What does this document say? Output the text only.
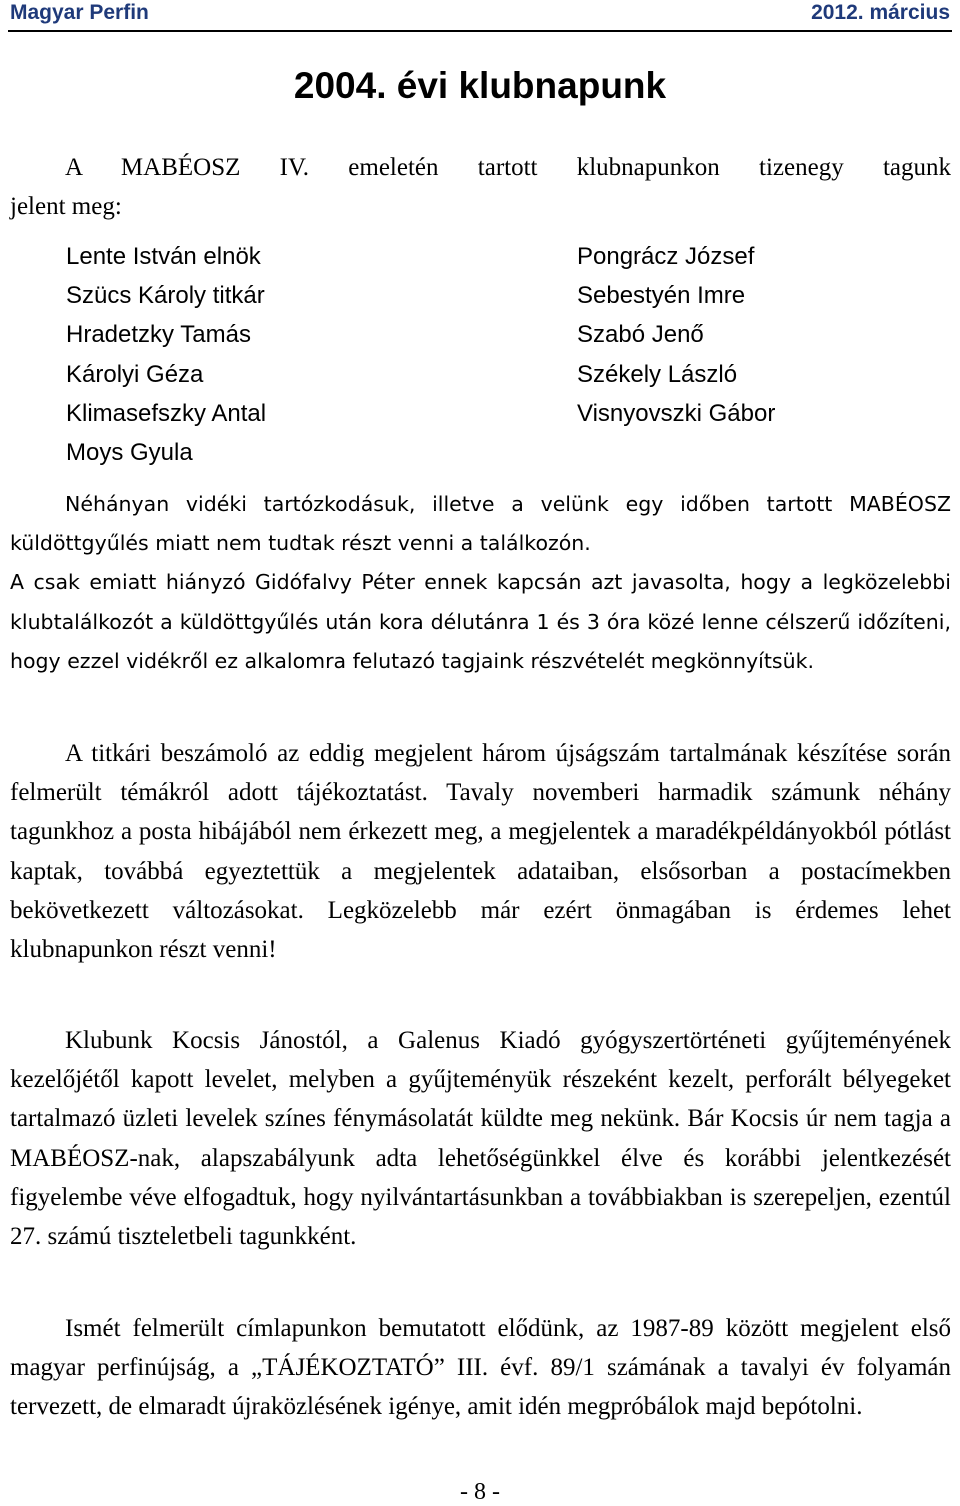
Magyar Perfin	2012. március
2004. évi klubnapunk

A MABÉOSZ IV. emeletén tartott klubnapunkon tizenegy tagunk
jelent meg:

Lente István elnök
Szücs Károly titkár
Hradetzky Tamás
Károlyi Géza
Klimasefszky Antal
Moys Gyula
Pongrácz József
Sebestyén Imre
Szabó Jenő
Székely László
Visnyovszki Gábor

Néhányan vidéki tartózkodásuk, illetve a velünk egy időben tartott MABÉOSZ küldöttgyűlés miatt nem tudtak részt venni a találkozón.

A csak emiatt hiányzó Gidófalvy Péter ennek kapcsán azt javasolta, hogy a legközelebbi klubtalálkozót a küldöttgyűlés után kora délutánra 1 és 3 óra közé lenne célszerű időzíteni, hogy ezzel vidékről ez alkalomra felutazó tagjaink részvételét megkönnyítsük.

A titkári beszámoló az eddig megjelent három újságszám tartalmának készítése során felmerült témákról adott tájékoztatást. Tavaly novemberi harmadik számunk néhány tagunkhoz a posta hibájából nem érkezett meg, a megjelentek a maradékpéldányokból pótlást kaptak, továbbá egyeztettük a megjelentek adataiban, elsősorban a postacímekben bekövetkezett változásokat. Legközelebb már ezért önmagában is érdemes lehet klubnapunkon részt venni!

Klubunk Kocsis Jánostól, a Galenus Kiadó gyógyszertörténeti gyűjteményének kezelőjétől kapott levelet, melyben a gyűjteményük részeként kezelt, perforált bélyegeket tartalmazó üzleti levelek színes fénymásolatát küldte meg nekünk. Bár Kocsis úr nem tagja a MABÉOSZ-nak, alapszabályunk adta lehetőségünkkel élve és korábbi jelentkezését figyelembe véve elfogadtuk, hogy nyilvántartásunkban a továbbiakban is szerepeljen, ezentúl 27. számú tiszteletbeli tagunkként.

Ismét felmerült címlapunkon bemutatott elődünk, az 1987-89 között megjelent első magyar perfinújság, a „TÁJÉKOZTATÓ” III. évf. 89/1 számának a tavalyi év folyamán tervezett, de elmaradt újraközlésének igénye, amit idén megpróbálok majd bepótolni.

- 8 -
